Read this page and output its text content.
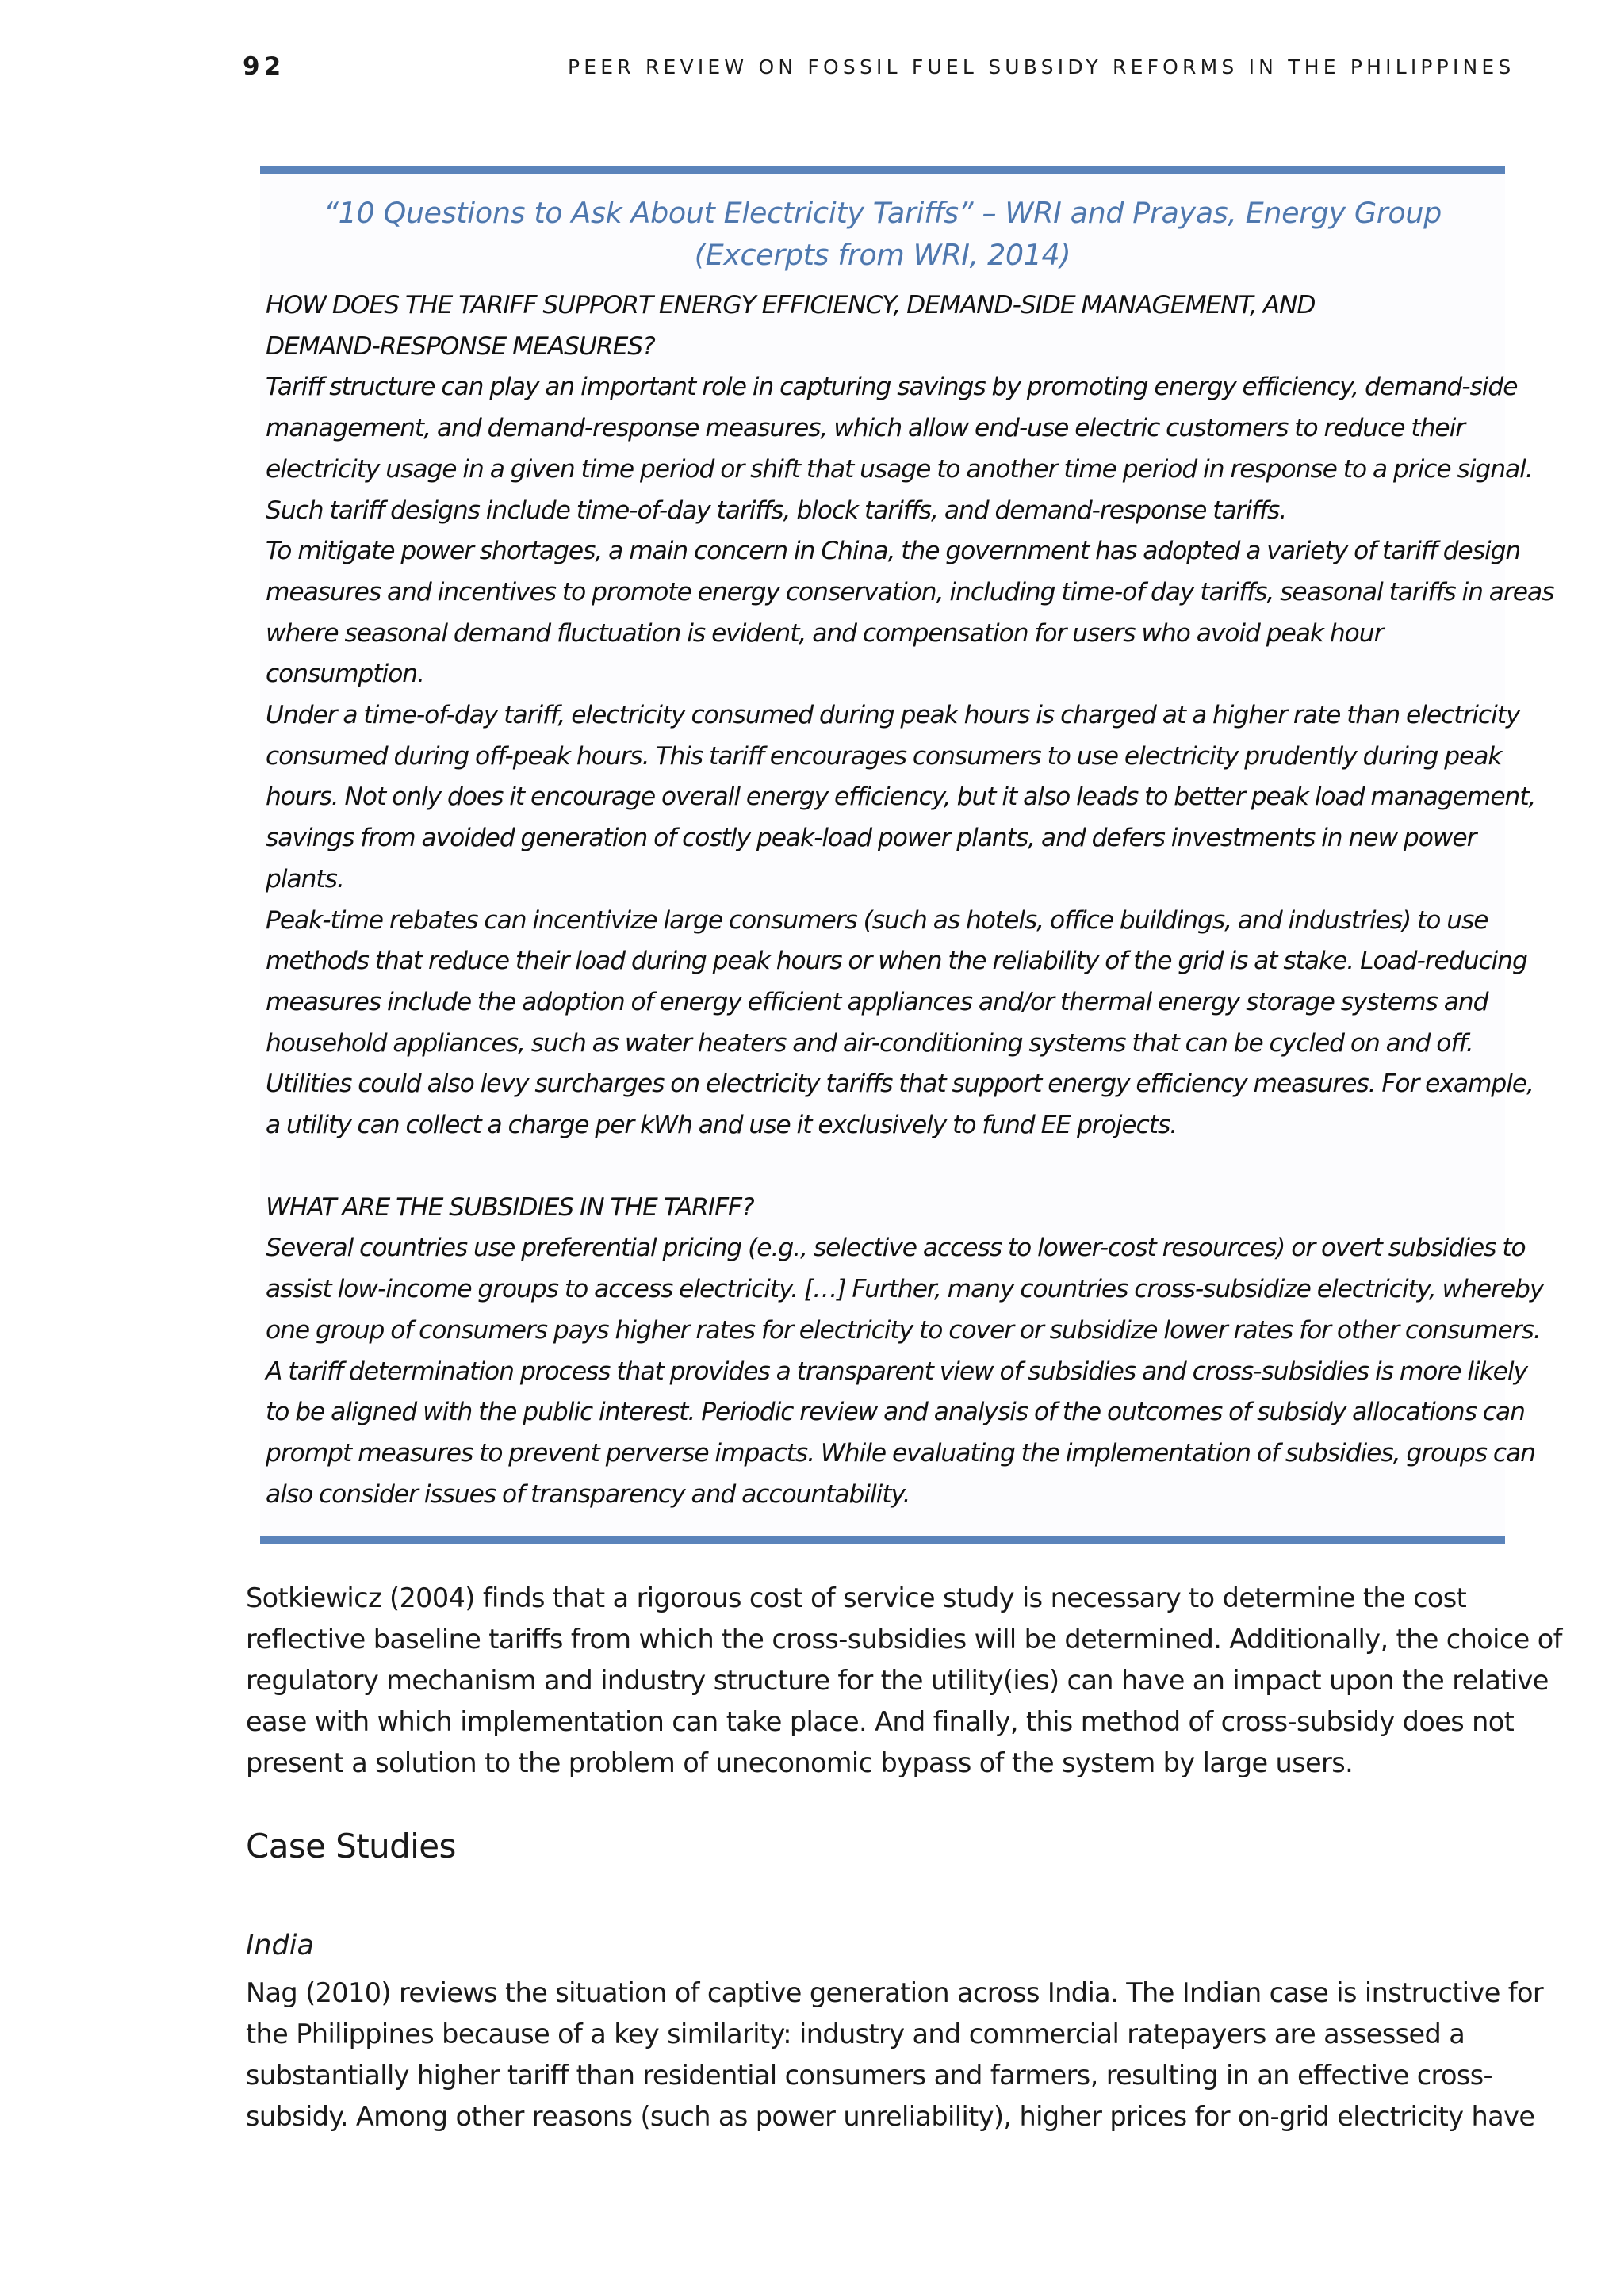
92	PEER REVIEW ON FOSSIL FUEL SUBSIDY REFORMS IN THE PHILIPPINES
“10 Questions to Ask About Electricity Tariffs” – WRI and Prayas, Energy Group
(Excerpts from WRI, 2014)

HOW DOES THE TARIFF SUPPORT ENERGY EFFICIENCY, DEMAND-SIDE MANAGEMENT, AND

DEMAND-RESPONSE MEASURES?

Tariff structure can play an important role in capturing savings by promoting energy efficiency, demand-side

management, and demand-response measures, which allow end-use electric customers to reduce their

electricity usage in a given time period or shift that usage to another time period in response to a price signal.

Such tariff designs include time-of-day tariffs, block tariffs, and demand-response tariffs.

To mitigate power shortages, a main concern in China, the government has adopted a variety of tariff design

measures and incentives to promote energy conservation, including time-of day tariffs, seasonal tariffs in areas

where seasonal demand fluctuation is evident, and compensation for users who avoid peak hour

consumption.

Under a time-of-day tariff, electricity consumed during peak hours is charged at a higher rate than electricity

consumed during off-peak hours. This tariff encourages consumers to use electricity prudently during peak

hours. Not only does it encourage overall energy efficiency, but it also leads to better peak load management,

savings from avoided generation of costly peak-load power plants, and defers investments in new power

plants.

Peak-time rebates can incentivize large consumers (such as hotels, office buildings, and industries) to use

methods that reduce their load during peak hours or when the reliability of the grid is at stake. Load-reducing

measures include the adoption of energy efficient appliances and/or thermal energy storage systems and

household appliances, such as water heaters and air-conditioning systems that can be cycled on and off.

Utilities could also levy surcharges on electricity tariffs that support energy efficiency measures. For example,

a utility can collect a charge per kWh and use it exclusively to fund EE projects.

WHAT ARE THE SUBSIDIES IN THE TARIFF?

Several countries use preferential pricing (e.g., selective access to lower-cost resources) or overt subsidies to

assist low-income groups to access electricity. […] Further, many countries cross-subsidize electricity, whereby

one group of consumers pays higher rates for electricity to cover or subsidize lower rates for other consumers.

A tariff determination process that provides a transparent view of subsidies and cross-subsidies is more likely

to be aligned with the public interest. Periodic review and analysis of the outcomes of subsidy allocations can

prompt measures to prevent perverse impacts. While evaluating the implementation of subsidies, groups can

also consider issues of transparency and accountability.

Sotkiewicz (2004) finds that a rigorous cost of service study is necessary to determine the cost

reflective baseline tariffs from which the cross-subsidies will be determined. Additionally, the choice of

regulatory mechanism and industry structure for the utility(ies) can have an impact upon the relative

ease with which implementation can take place. And finally, this method of cross-subsidy does not

present a solution to the problem of uneconomic bypass of the system by large users.

Case Studies
India

Nag (2010) reviews the situation of captive generation across India. The Indian case is instructive for

the Philippines because of a key similarity: industry and commercial ratepayers are assessed a

substantially higher tariff than residential consumers and farmers, resulting in an effective cross-

subsidy. Among other reasons (such as power unreliability), higher prices for on-grid electricity have
